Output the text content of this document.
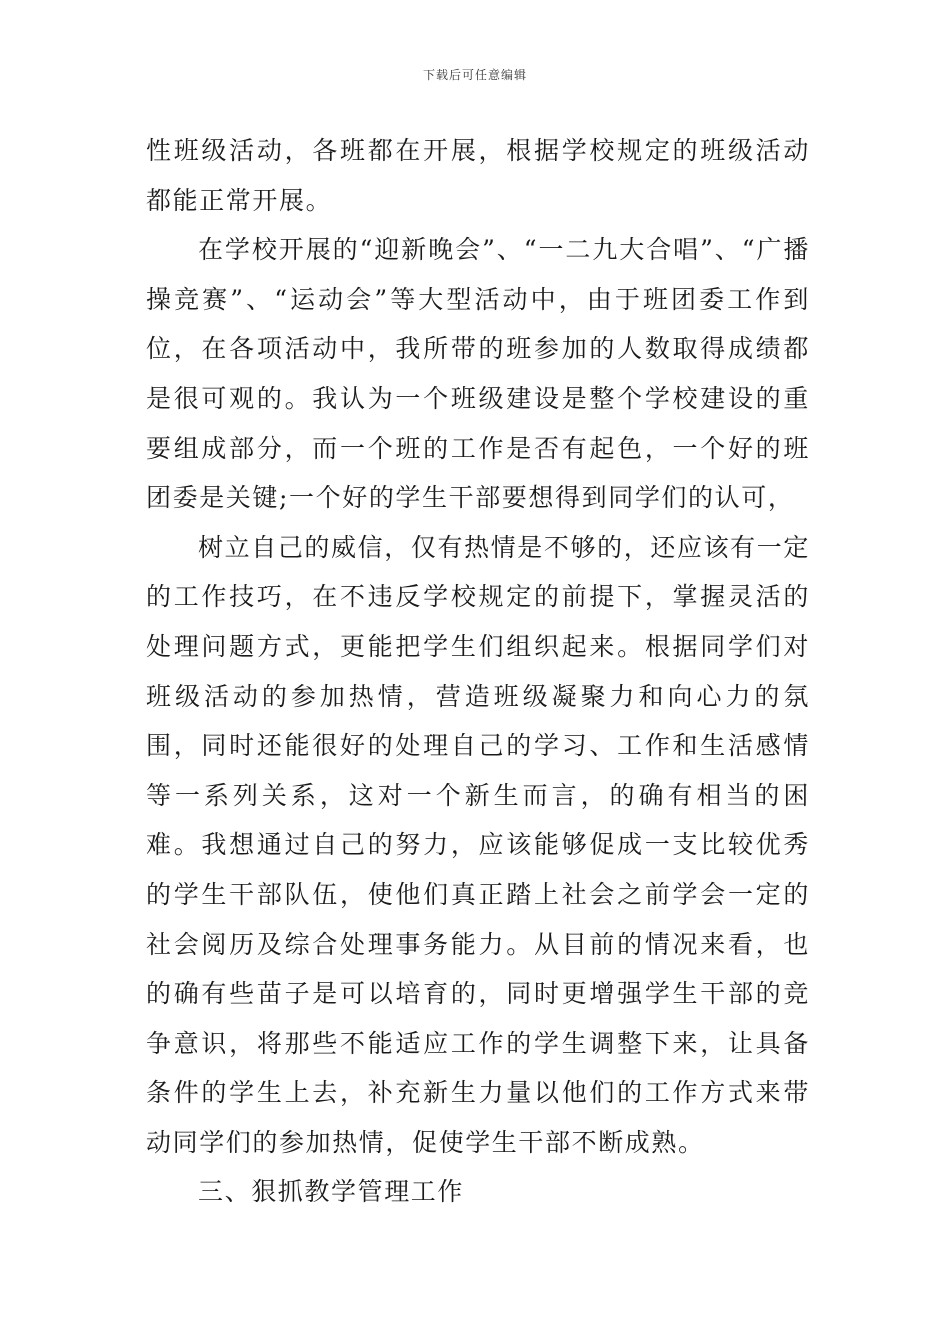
下载后可任意编辑

性班级活动，各班都在开展，根据学校规定的班级活动都能正常开展。

在学校开展的“迎新晚会”、“一二九大合唱”、“广播操竞赛”、“运动会”等大型活动中，由于班团委工作到位，在各项活动中，我所带的班参加的人数取得成绩都是很可观的。我认为一个班级建设是整个学校建设的重要组成部分，而一个班的工作是否有起色，一个好的班团委是关键;一个好的学生干部要想得到同学们的认可，

树立自己的威信，仅有热情是不够的，还应该有一定的工作技巧，在不违反学校规定的前提下，掌握灵活的处理问题方式，更能把学生们组织起来。根据同学们对班级活动的参加热情，营造班级凝聚力和向心力的氛围，同时还能很好的处理自己的学习、工作和生活感情等一系列关系，这对一个新生而言，的确有相当的困难。我想通过自己的努力，应该能够促成一支比较优秀的学生干部队伍，使他们真正踏上社会之前学会一定的社会阅历及综合处理事务能力。从目前的情况来看，也的确有些苗子是可以培育的，同时更增强学生干部的竞争意识，将那些不能适应工作的学生调整下来，让具备条件的学生上去，补充新生力量以他们的工作方式来带动同学们的参加热情，促使学生干部不断成熟。

三、狠抓教学管理工作
